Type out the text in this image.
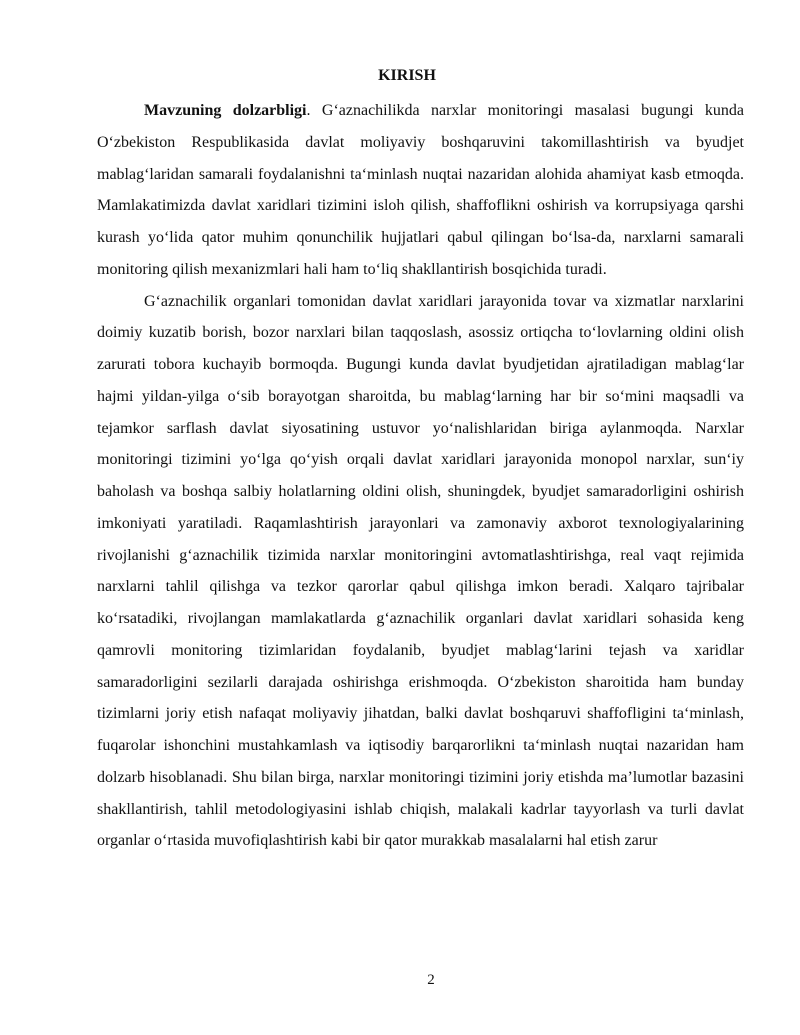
KIRISH

Mavzuning dolzarbligi. G‘aznachilikda narxlar monitoringi masalasi bugungi kunda O‘zbekiston Respublikasida davlat moliyaviy boshqaruvini takomillashtirish va byudjet mablag‘laridan samarali foydalanishni ta‘minlash nuqtai nazaridan alohida ahamiyat kasb etmoqda. Mamlakatimizda davlat xaridlari tizimini isloh qilish, shaffoflikni oshirish va korrupsiyaga qarshi kurash yo‘lida qator muhim qonunchilik hujjatlari qabul qilingan bo‘lsa-da, narxlarni samarali monitoring qilish mexanizmlari hali ham to‘liq shakllantirish bosqichida turadi.

G‘aznachilik organlari tomonidan davlat xaridlari jarayonida tovar va xizmatlar narxlarini doimiy kuzatib borish, bozor narxlari bilan taqqoslash, asossiz ortiqcha to‘lovlarning oldini olish zarurati tobora kuchayib bormoqda. Bugungi kunda davlat byudjetidan ajratiladigan mablag‘lar hajmi yildan-yilga o‘sib borayotgan sharoitda, bu mablag‘larning har bir so‘mini maqsadli va tejamkor sarflash davlat siyosatining ustuvor yo‘nalishlaridan biriga aylanmoqda. Narxlar monitoringi tizimini yo‘lga qo‘yish orqali davlat xaridlari jarayonida monopol narxlar, sun‘iy baholash va boshqa salbiy holatlarning oldini olish, shuningdek, byudjet samaradorligini oshirish imkoniyati yaratiladi. Raqamlashtirish jarayonlari va zamonaviy axborot texnologiyalarining rivojlanishi g‘aznachilik tizimida narxlar monitoringini avtomatlashtirishga, real vaqt rejimida narxlarni tahlil qilishga va tezkor qarorlar qabul qilishga imkon beradi. Xalqaro tajribalar ko‘rsatadiki, rivojlangan mamlakatlarda g‘aznachilik organlari davlat xaridlari sohasida keng qamrovli monitoring tizimlaridan foydalanib, byudjet mablag‘larini tejash va xaridlar samaradorligini sezilarli darajada oshirishga erishmoqda. O‘zbekiston sharoitida ham bunday tizimlarni joriy etish nafaqat moliyaviy jihatdan, balki davlat boshqaruvi shaffofligini ta‘minlash, fuqarolar ishonchini mustahkamlash va iqtisodiy barqarorlikni ta‘minlash nuqtai nazaridan ham dolzarb hisoblanadi. Shu bilan birga, narxlar monitoringi tizimini joriy etishda ma’lumotlar bazasini shakllantirish, tahlil metodologiyasini ishlab chiqish, malakali kadrlar tayyorlash va turli davlat organlar o‘rtasida muvofiqlashtirish kabi bir qator murakkab masalalarni hal etish zarur

2
